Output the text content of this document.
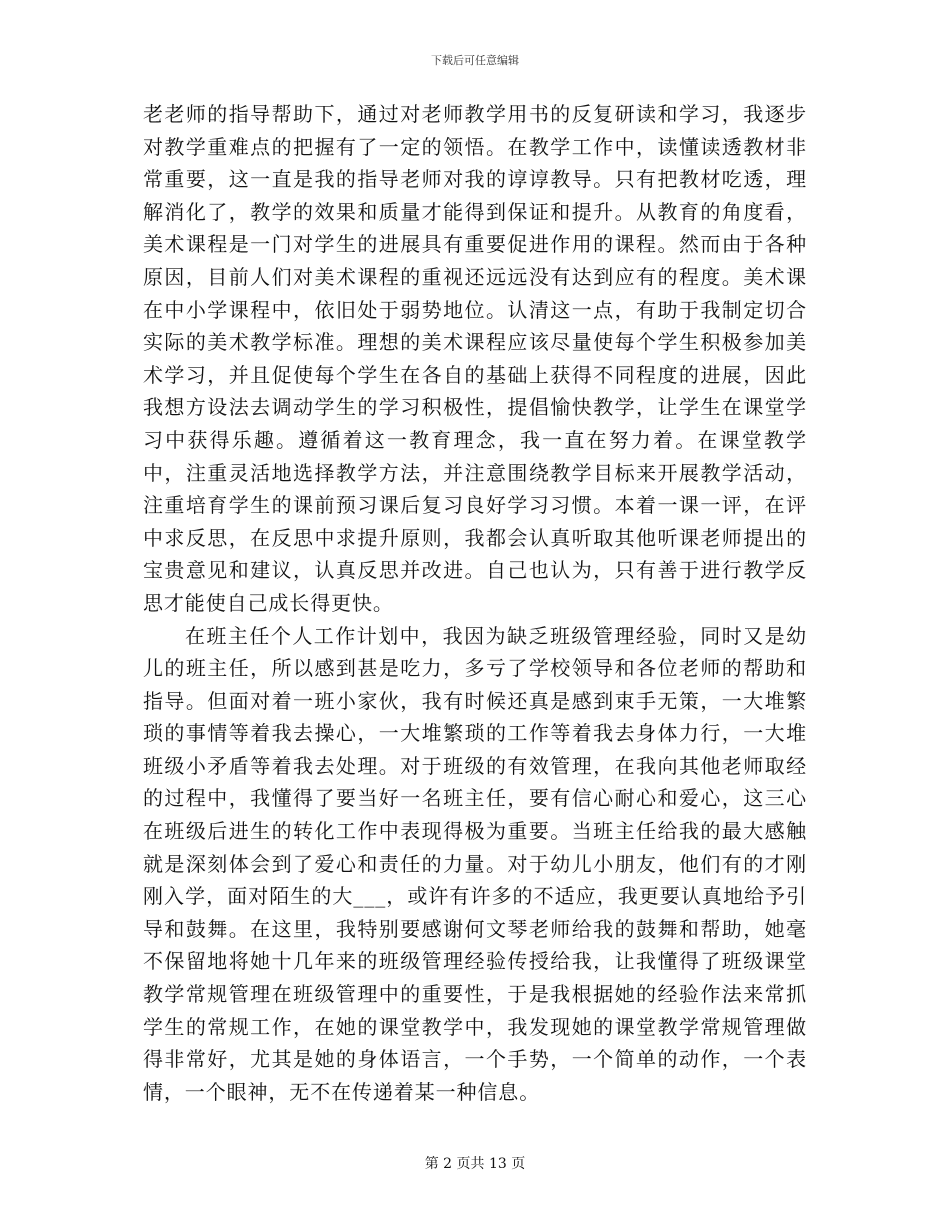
下载后可任意编辑

老老师的指导帮助下，通过对老师教学用书的反复研读和学习，我逐步对教学重难点的把握有了一定的领悟。在教学工作中，读懂读透教材非常重要，这一直是我的指导老师对我的谆谆教导。只有把教材吃透，理解消化了，教学的效果和质量才能得到保证和提升。从教育的角度看，美术课程是一门对学生的进展具有重要促进作用的课程。然而由于各种原因，目前人们对美术课程的重视还远远没有达到应有的程度。美术课在中小学课程中，依旧处于弱势地位。认清这一点，有助于我制定切合实际的美术教学标准。理想的美术课程应该尽量使每个学生积极参加美术学习，并且促使每个学生在各自的基础上获得不同程度的进展，因此我想方设法去调动学生的学习积极性，提倡愉快教学，让学生在课堂学习中获得乐趣。遵循着这一教育理念，我一直在努力着。在课堂教学中，注重灵活地选择教学方法，并注意围绕教学目标来开展教学活动，注重培育学生的课前预习课后复习良好学习习惯。本着一课一评，在评中求反思，在反思中求提升原则，我都会认真听取其他听课老师提出的宝贵意见和建议，认真反思并改进。自己也认为，只有善于进行教学反思才能使自己成长得更快。

在班主任个人工作计划中，我因为缺乏班级管理经验，同时又是幼儿的班主任，所以感到甚是吃力，多亏了学校领导和各位老师的帮助和指导。但面对着一班小家伙，我有时候还真是感到束手无策，一大堆繁琐的事情等着我去操心，一大堆繁琐的工作等着我去身体力行，一大堆班级小矛盾等着我去处理。对于班级的有效管理，在我向其他老师取经的过程中，我懂得了要当好一名班主任，要有信心耐心和爱心，这三心在班级后进生的转化工作中表现得极为重要。当班主任给我的最大感触就是深刻体会到了爱心和责任的力量。对于幼儿小朋友，他们有的才刚刚入学，面对陌生的大___，或许有许多的不适应，我更要认真地给予引导和鼓舞。在这里，我特别要感谢何文琴老师给我的鼓舞和帮助，她毫不保留地将她十几年来的班级管理经验传授给我，让我懂得了班级课堂教学常规管理在班级管理中的重要性，于是我根据她的经验作法来常抓学生的常规工作，在她的课堂教学中，我发现她的课堂教学常规管理做得非常好，尤其是她的身体语言，一个手势，一个简单的动作，一个表情，一个眼神，无不在传递着某一种信息。

第 2 页共 13 页
